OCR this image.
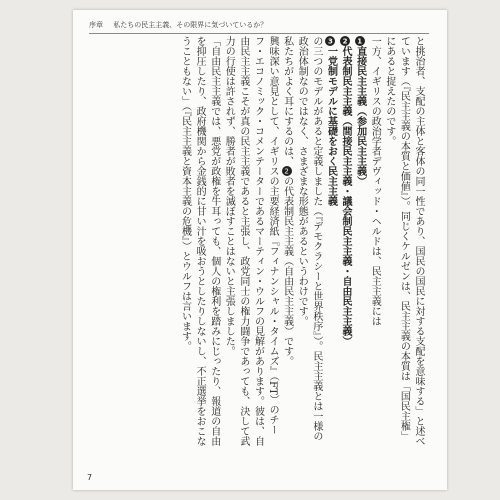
序章 私たちの民主主義、その限界に気づいているか？

と挑治者、支配の主体と客体の同一性であり、国民の国民に対する支配を意味する」と述べています（『民主主義の本質と価値』）。同じくケルゼンは、民主主義の本質は「国民主権」にあると捉えたのです。

一方、イギリスの政治学者デヴィッド・ヘルドは、民主主義には

1直接民主主義（参加民主主義）

2代表制民主主義（間接民主主義・議会制民主主義・自由民主主義）

3一党制モデルに基礎をおく民主主義

の三つのモデルがあると定義しました（『デモクラシーと世界秩序』）。民主主義とは一様の政治体制なのではなく、さまざまな形態があるというわけです。

私たちがよく耳にするのは、2の代表制民主主義（自由民主主義）です。

興味深い意見として、イギリスの主要経済紙『フィナンシャル・タイムズ』（FT）のチーフ・エコノミック・コメンテーターであるマーティン・ウルフの見解があります。彼は、自由民主主義こそが真の民主主義であると主張し、政党同士の権力闘争であっても、決して武力の行使は許されず、勝者が敗者を滅ぼすことはないと主張しました。

「自由民主主義では、悪党が政権を牛耳っても、個人の権利を踏みにじったり、報道の自由を抑圧したり、政府機関から金銭的に甘い汁を吸おうとしたりしないし、不正選挙をおこなうこともない」（『民主主義と資本主義の危機』）とウルフは言います。

7
